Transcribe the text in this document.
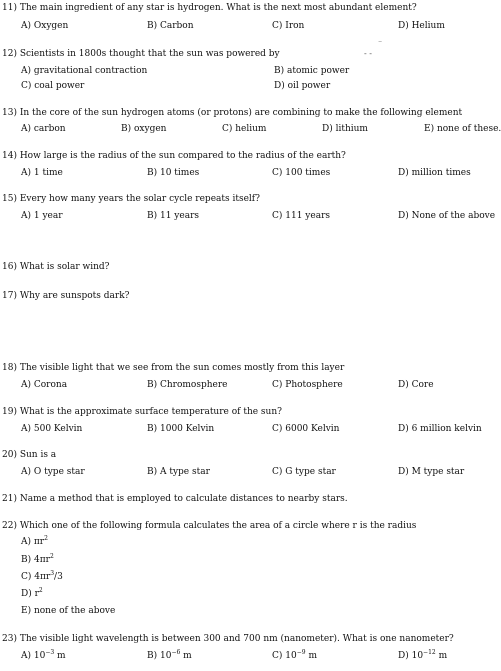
11) The main ingredient of any star is hydrogen. What is the next most abundant element?
A) Oxygen	B) Carbon	C) Iron	D) Helium
12) Scientists in 1800s thought that the sun was powered by
A) gravitational contraction	B) atomic power
C) coal power	D) oil power
⁻
‐ ‐
13) In the core of the sun hydrogen atoms (or protons) are combining to make the following element
A) carbon	B) oxygen	C) helium	D) lithium	E) none of these.
14) How large is the radius of the sun compared to the radius of the earth?
A) 1 time	B) 10 times	C) 100 times	D) million times
15) Every how many years the solar cycle repeats itself?
A) 1 year	B) 11 years	C) 111 years	D) None of the above
16) What is solar wind?
17) Why are sunspots dark?
18) The visible light that we see from the sun comes mostly from this layer
A) Corona	B) Chromosphere	C) Photosphere	D) Core
19) What is the approximate surface temperature of the sun?
A) 500 Kelvin	B) 1000 Kelvin	C) 6000 Kelvin	D) 6 million kelvin
20) Sun is a
A) O type star	B) A type star	C) G type star	D) M type star
21) Name a method that is employed to calculate distances to nearby stars.
22) Which one of the following formula calculates the area of a circle where r is the radius
A) $\pi r^2$
B) $4\pi r^2$
C) $4\pi r^3/3$
D) $r^2$
E) none of the above
23) The visible light wavelength is between 300 and 700 nm (nanometer). What is one nanometer?
A) $10^{-3}$ m	B) $10^{-6}$ m	C) $10^{-9}$ m	D) $10^{-12}$ m
